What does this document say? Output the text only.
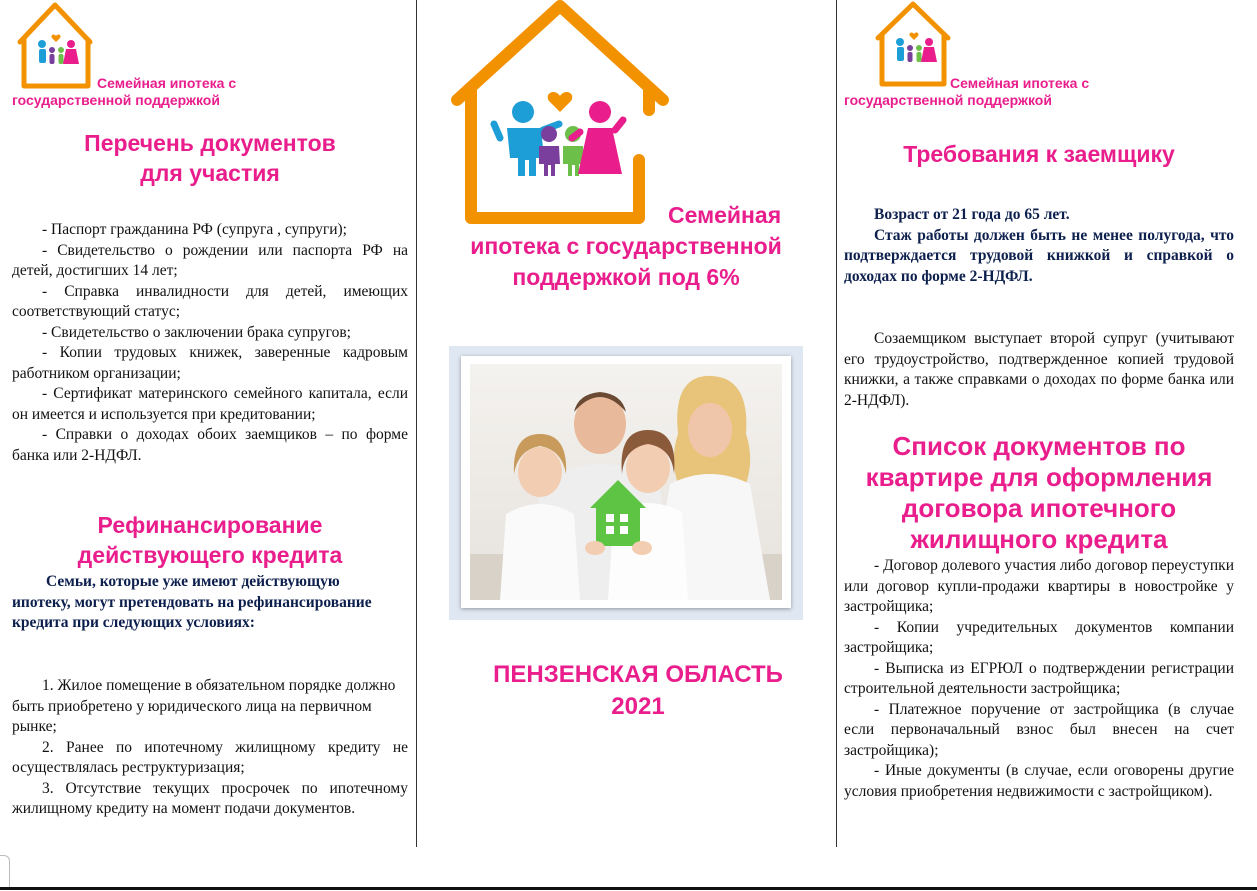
Семейная ипотека с
государственной поддержкой
Перечень документов
для участия

- Паспорт гражданина РФ (супруга , супруги);

- Свидетельство о рождении или паспорта РФ на детей, достигших 14 лет;

- Справка инвалидности для детей, имеющих соответствующий статус;

- Свидетельство о заключении брака супругов;

- Копии трудовых книжек, заверенные кадровым работником организации;

- Сертификат материнского семейного капитала, если он имеется и используется при кредитовании;

- Справки о доходах обоих заемщиков – по форме банка или 2-НДФЛ.

Рефинансирование
действующего кредита

Семьи, которые уже имеют действующую ипотеку, могут претендовать на рефинансирование кредита при следующих условиях:

1. Жилое помещение в обязательном порядке должно быть приобретено у юридического лица на первичном рынке;

2. Ранее по ипотечному жилищному кредиту не осуществлялась реструктуризация;

3. Отсутствие текущих просрочек по ипотечному жилищному кредиту на момент подачи документов.

Семейная
ипотека с государственной
поддержкой под 6%
ПЕНЗЕНСКАЯ ОБЛАСТЬ
2021
Семейная ипотека с
государственной поддержкой
Требования к заемщику

Возраст от 21 года до 65 лет.

Стаж работы должен быть не менее полугода, что подтверждается трудовой книжкой и справкой о доходах по форме 2-НДФЛ.

Созаемщиком выступает второй супруг (учитывают его трудоустройство, подтвержденное копией трудовой книжки, а также справками о доходах по форме банка или 2-НДФЛ).

Список документов по
квартире для оформления
договора ипотечного
жилищного кредита

- Договор долевого участия либо договор переуступки или договор купли-продажи квартиры в новостройке у застройщика;

- Копии учредительных документов компании застройщика;

- Выписка из ЕГРЮЛ о подтверждении регистрации строительной деятельности застройщика;

- Платежное поручение от застройщика (в случае если первоначальный взнос был внесен на счет застройщика);

- Иные документы (в случае, если оговорены другие условия приобретения недвижимости с застройщиком).
